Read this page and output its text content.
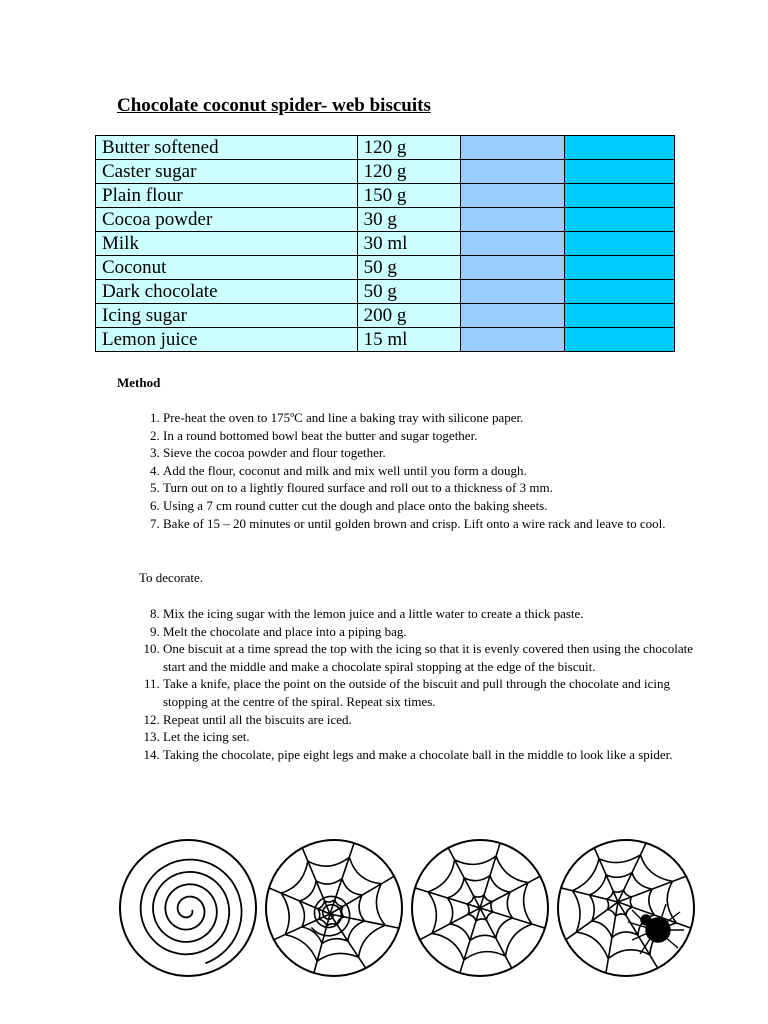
Chocolate coconut spider- web biscuits
Butter softened	120 g		
Caster sugar	120 g		
Plain flour	150 g		
Cocoa powder	30 g		
Milk	30 ml		
Coconut	50 g		
Dark chocolate	50 g		
Icing sugar	200 g		
Lemon juice	15 ml		
Method
1. Pre-heat the oven to 175ºC and line a baking tray with silicone paper.
2. In a round bottomed bowl beat the butter and sugar together.
3. Sieve the cocoa powder and flour together.
4. Add the flour, coconut and milk and mix well until you form a dough.
5. Turn out on to a lightly floured surface and roll out to a thickness of 3 mm.
6. Using a 7 cm round cutter cut the dough and place onto the baking sheets.
7. Bake of 15 – 20 minutes or until golden brown and crisp. Lift onto a wire rack and leave to cool.
To decorate.
8. Mix the icing sugar with the lemon juice and a little water to create a thick paste.
9. Melt the chocolate and place into a piping bag.
10. One biscuit at a time spread the top with the icing so that it is evenly covered then using the chocolate start and the middle and make a chocolate spiral stopping at the edge of the biscuit.
11. Take a knife, place the point on the outside of the biscuit and pull through the chocolate and icing stopping at the centre of the spiral. Repeat six times.
12. Repeat until all the biscuits are iced.
13. Let the icing set.
14. Taking the chocolate, pipe eight legs and make a chocolate ball in the middle to look like a spider.
